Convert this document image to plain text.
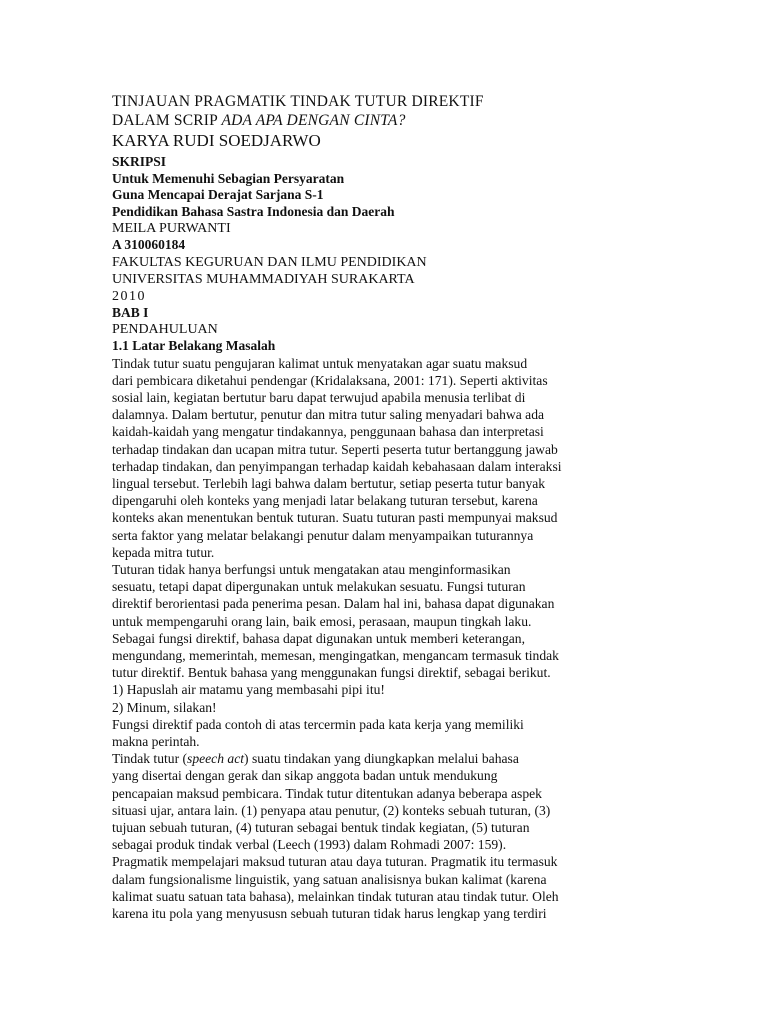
TINJAUAN PRAGMATIK TINDAK TUTUR DIREKTIF
DALAM SCRIP ADA APA DENGAN CINTA?
KARYA RUDI SOEDJARWO
SKRIPSI
Untuk Memenuhi Sebagian Persyaratan
Guna Mencapai Derajat Sarjana S-1
Pendidikan Bahasa Sastra Indonesia dan Daerah
MEILA PURWANTI
A 310060184
FAKULTAS KEGURUAN DAN ILMU PENDIDIKAN
UNIVERSITAS MUHAMMADIYAH SURAKARTA
2010
BAB I
PENDAHULUAN
1.1 Latar Belakang Masalah
Tindak tutur suatu pengujaran kalimat untuk menyatakan agar suatu maksud
dari pembicara diketahui pendengar (Kridalaksana, 2001: 171). Seperti aktivitas
sosial lain, kegiatan bertutur baru dapat terwujud apabila menusia terlibat di
dalamnya. Dalam bertutur, penutur dan mitra tutur saling menyadari bahwa ada
kaidah-kaidah yang mengatur tindakannya, penggunaan bahasa dan interpretasi
terhadap tindakan dan ucapan mitra tutur. Seperti peserta tutur bertanggung jawab
terhadap tindakan, dan penyimpangan terhadap kaidah kebahasaan dalam interaksi
lingual tersebut. Terlebih lagi bahwa dalam bertutur, setiap peserta tutur banyak
dipengaruhi oleh konteks yang menjadi latar belakang tuturan tersebut, karena
konteks akan menentukan bentuk tuturan. Suatu tuturan pasti mempunyai maksud
serta faktor yang melatar belakangi penutur dalam menyampaikan tuturannya
kepada mitra tutur.
Tuturan tidak hanya berfungsi untuk mengatakan atau menginformasikan
sesuatu, tetapi dapat dipergunakan untuk melakukan sesuatu. Fungsi tuturan
direktif berorientasi pada penerima pesan. Dalam hal ini, bahasa dapat digunakan
untuk mempengaruhi orang lain, baik emosi, perasaan, maupun tingkah laku.
Sebagai fungsi direktif, bahasa dapat digunakan untuk memberi keterangan,
mengundang, memerintah, memesan, mengingatkan, mengancam termasuk tindak
tutur direktif. Bentuk bahasa yang menggunakan fungsi direktif, sebagai berikut.
1) Hapuslah air matamu yang membasahi pipi itu!
2) Minum, silakan!
Fungsi direktif pada contoh di atas tercermin pada kata kerja yang memiliki
makna perintah.
Tindak tutur (speech act) suatu tindakan yang diungkapkan melalui bahasa
yang disertai dengan gerak dan sikap anggota badan untuk mendukung
pencapaian maksud pembicara. Tindak tutur ditentukan adanya beberapa aspek
situasi ujar, antara lain. (1) penyapa atau penutur, (2) konteks sebuah tuturan, (3)
tujuan sebuah tuturan, (4) tuturan sebagai bentuk tindak kegiatan, (5) tuturan
sebagai produk tindak verbal (Leech (1993) dalam Rohmadi 2007: 159).
Pragmatik mempelajari maksud tuturan atau daya tuturan. Pragmatik itu termasuk
dalam fungsionalisme linguistik, yang satuan analisisnya bukan kalimat (karena
kalimat suatu satuan tata bahasa), melainkan tindak tuturan atau tindak tutur. Oleh
karena itu pola yang menyususn sebuah tuturan tidak harus lengkap yang terdiri
